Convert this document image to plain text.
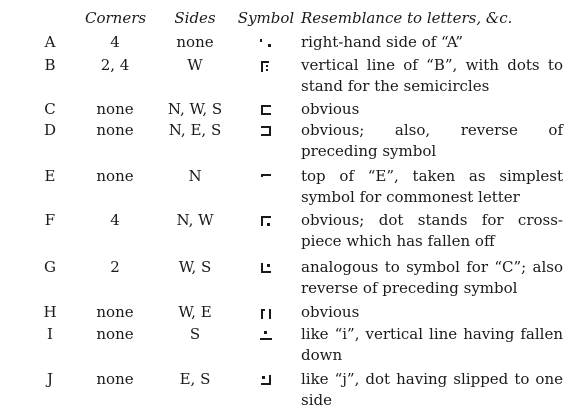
Corners	Sides	Symbol Resemblance to letters, &c.
A	4	none	right-hand side of “A”
B	2, 4	W	vertical line of “B”, with dots to stand for the semicircles
C	none	N, W, S	obvious
D	none	N, E, S	obvious; also, reverse of preceding symbol
E	none	N	top of “E”, taken as simplest symbol for commonest letter
F	4	N, W	obvious; dot stands for cross-piece which has fallen off
G	2	W, S	analogous to symbol for “C”; also reverse of preceding symbol
H	none	W, E	obvious
I	none	S	like “i”, vertical line having fallen down
J	none	E, S	like “j”, dot having slipped to one side
